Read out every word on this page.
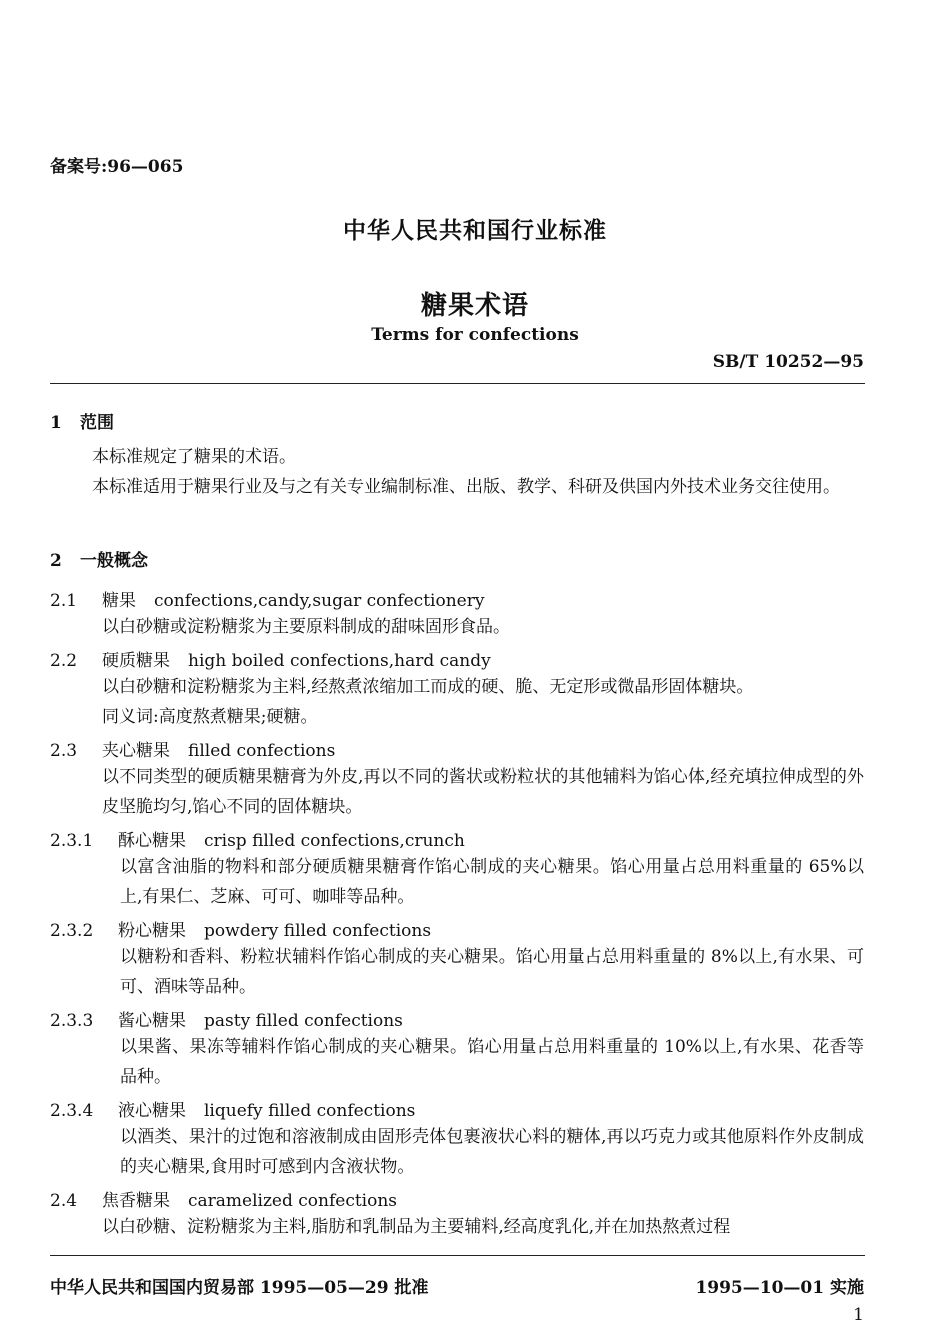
备案号:96—065
中华人民共和国行业标准
糖果术语
Terms for confections
SB/T 10252—95
1 范围

本标准规定了糖果的术语。

本标准适用于糖果行业及与之有关专业编制标准、出版、教学、科研及供国内外技术业务交往使用。

2 一般概念
2.1 糖果 confections,candy,sugar confectionery
以白砂糖或淀粉糖浆为主要原料制成的甜味固形食品。
2.2 硬质糖果 high boiled confections,hard candy

以白砂糖和淀粉糖浆为主料,经熬煮浓缩加工而成的硬、脆、无定形或微晶形固体糖块。

同义词:高度熬煮糖果;硬糖。

2.3 夹心糖果 filled confections
以不同类型的硬质糖果糖膏为外皮,再以不同的酱状或粉粒状的其他辅料为馅心体,经充填拉伸成型的外皮坚脆均匀,馅心不同的固体糖块。
2.3.1 酥心糖果 crisp filled confections,crunch
以富含油脂的物料和部分硬质糖果糖膏作馅心制成的夹心糖果。馅心用量占总用料重量的 65%以上,有果仁、芝麻、可可、咖啡等品种。
2.3.2 粉心糖果 powdery filled confections
以糖粉和香料、粉粒状辅料作馅心制成的夹心糖果。馅心用量占总用料重量的 8%以上,有水果、可可、酒味等品种。
2.3.3 酱心糖果 pasty filled confections
以果酱、果冻等辅料作馅心制成的夹心糖果。馅心用量占总用料重量的 10%以上,有水果、花香等品种。
2.3.4 液心糖果 liquefy filled confections
以酒类、果汁的过饱和溶液制成由固形壳体包裹液状心料的糖体,再以巧克力或其他原料作外皮制成的夹心糖果,食用时可感到内含液状物。
2.4 焦香糖果 caramelized confections
以白砂糖、淀粉糖浆为主料,脂肪和乳制品为主要辅料,经高度乳化,并在加热熬煮过程
中华人民共和国国内贸易部 1995—05—29 批准	1995—10—01 实施
1
